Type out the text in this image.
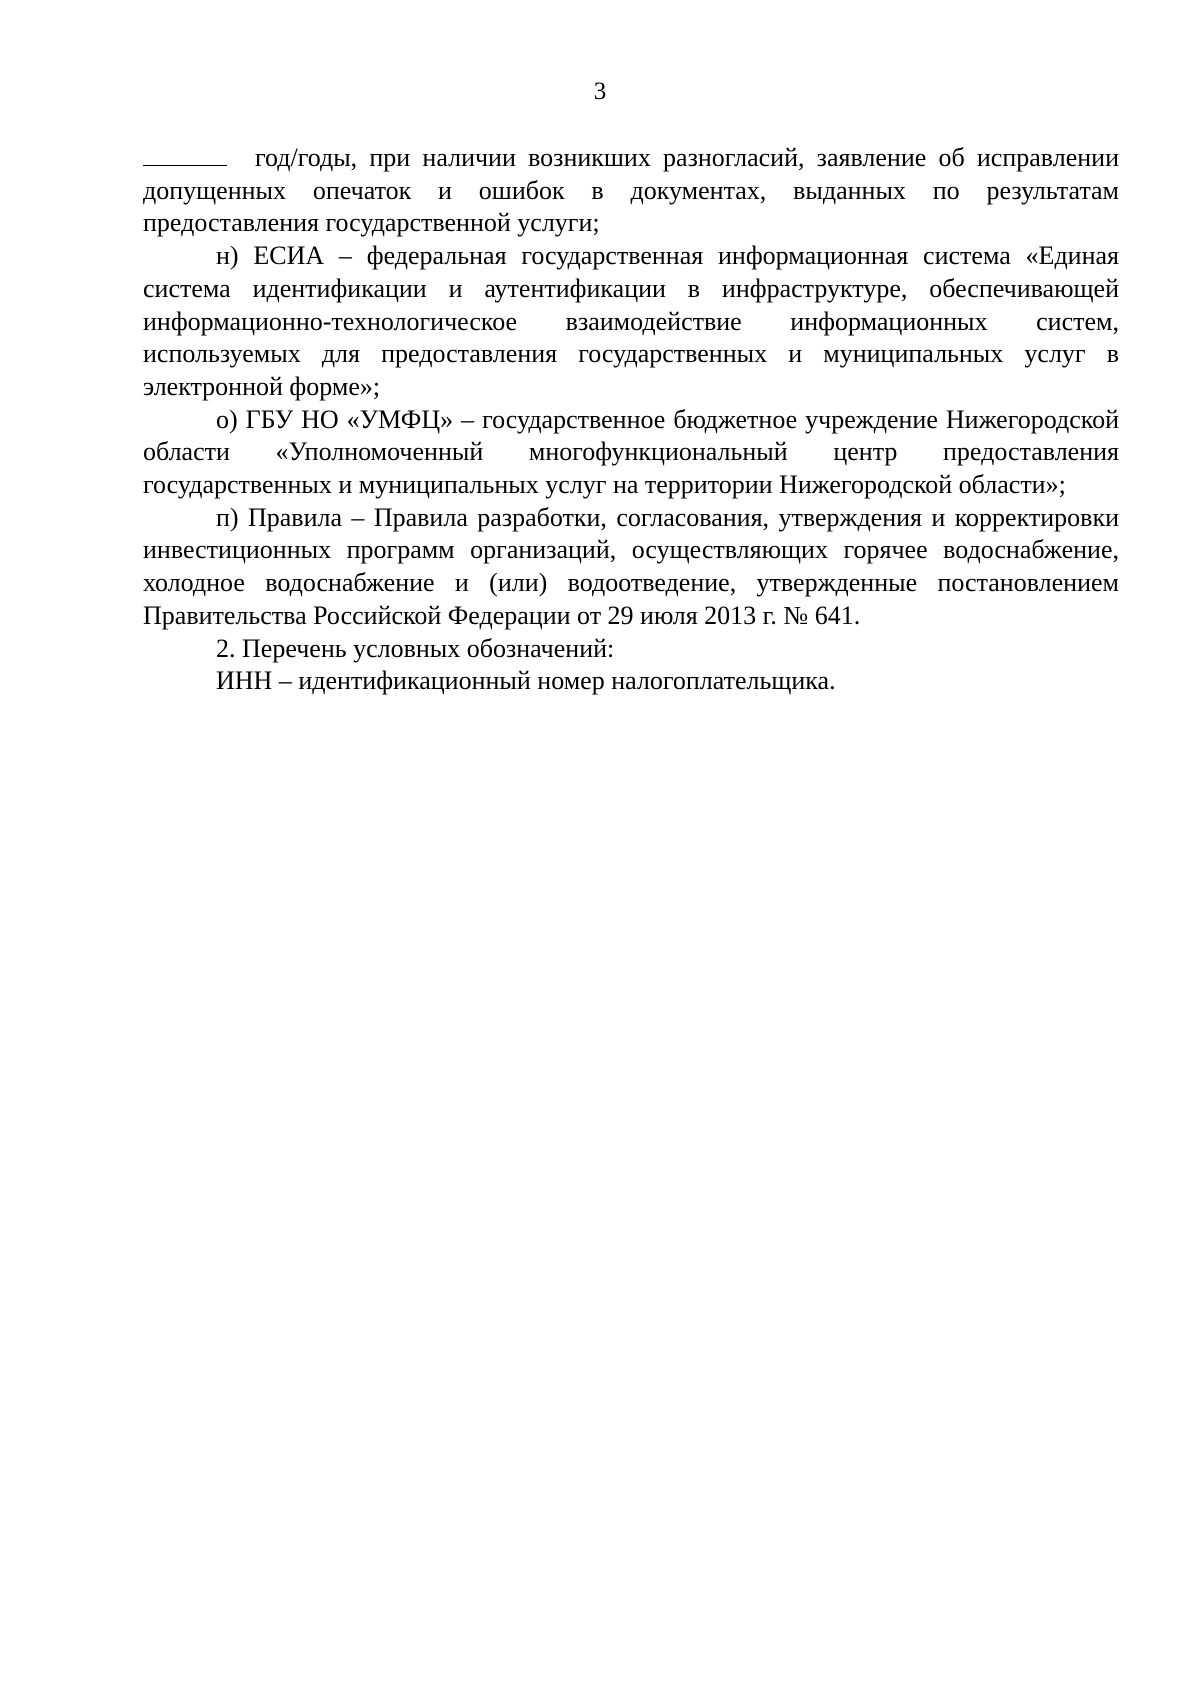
3

год/годы, при наличии возникших разногласий, заявление об исправлении допущенных опечаток и ошибок в документах, выданных по результатам предоставления государственной услуги;

н) ЕСИА – федеральная государственная информационная система «Единая система идентификации и аутентификации в инфраструктуре, обеспечивающей информационно-технологическое взаимодействие информационных систем, используемых для предоставления государственных и муниципальных услуг в электронной форме»;

о) ГБУ НО «УМФЦ» – государственное бюджетное учреждение Нижегородской области «Уполномоченный многофункциональный центр предоставления государственных и муниципальных услуг на территории Нижегородской области»;

п) Правила – Правила разработки, согласования, утверждения и корректировки инвестиционных программ организаций, осуществляющих горячее водоснабжение, холодное водоснабжение и (или) водоотведение, утвержденные постановлением Правительства Российской Федерации от 29 июля 2013 г. № 641.

2. Перечень условных обозначений:

ИНН – идентификационный номер налогоплательщика.
